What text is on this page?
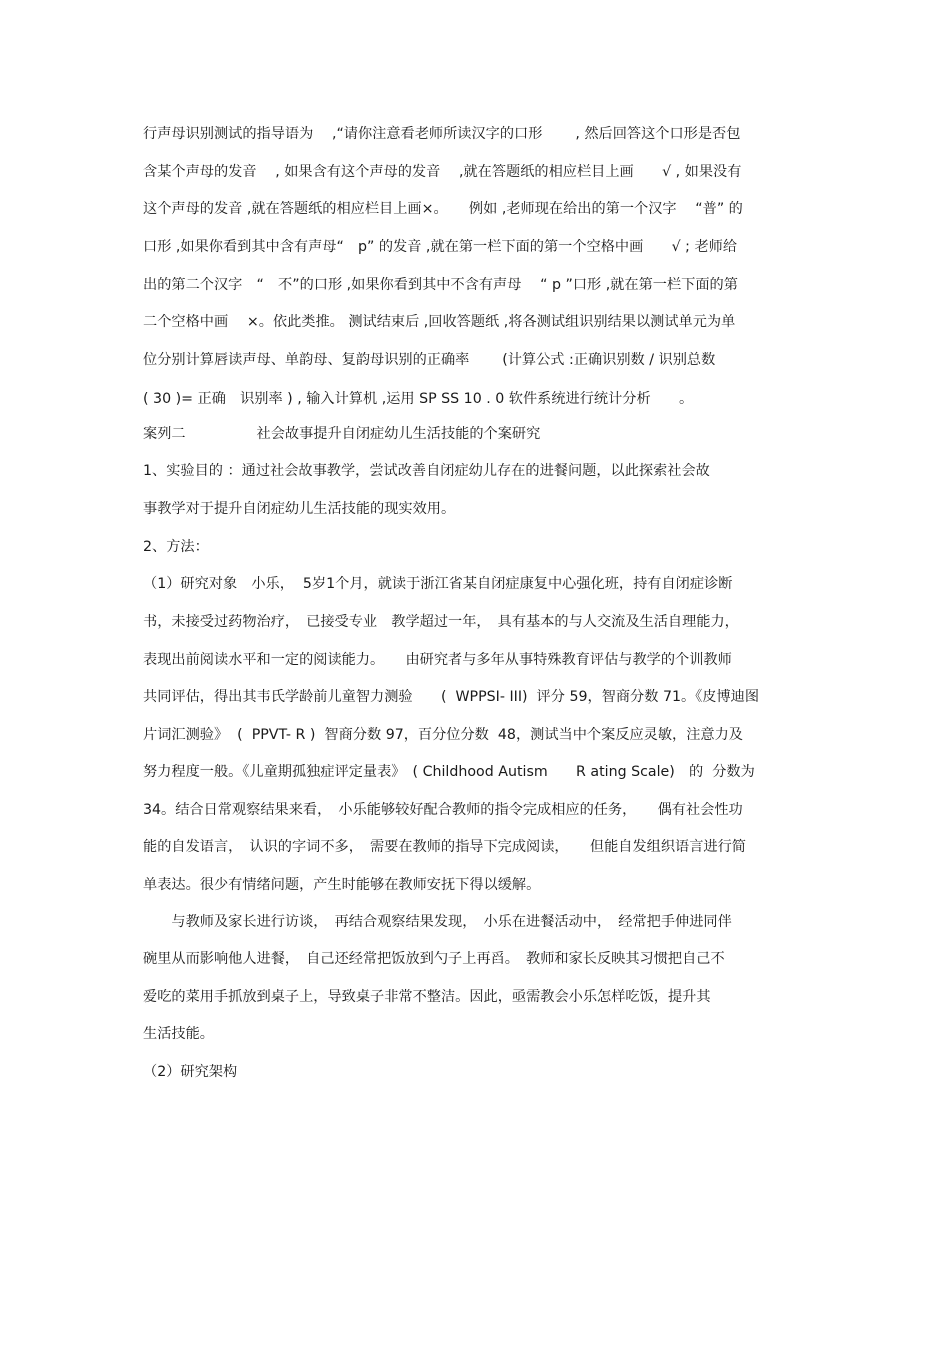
行声母识别测试的指导语为　 ,“请你注意看老师所读汉字的口形　　 , 然后回答这个口形是否包
含某个声母的发音　 , 如果含有这个声母的发音　 ,就在答题纸的相应栏目上画　　√ , 如果没有
这个声母的发音 ,就在答题纸的相应栏目上画×。　　例如 ,老师现在给出的第一个汉字　 “普” 的
口形 ,如果你看到其中含有声母“　p” 的发音 ,就在第一栏下面的第一个空格中画　　√ ; 老师给
出的第二个汉字　“　不”的口形 ,如果你看到其中不含有声母　 “ p ”口形 ,就在第一栏下面的第
二个空格中画　 ×。依此类推。 测试结束后 ,回收答题纸 ,将各测试组识别结果以测试单元为单
位分别计算唇读声母、单韵母、复韵母识别的正确率　　 (计算公式 :正确识别数 / 识别总数
( 30 )= 正确　识别率 ) , 输入计算机 ,运用 SP SS 10 . 0 软件系统进行统计分析　　。
案列二　　　　　社会故事提升自闭症幼儿生活技能的个案研究
1、实验目的 ：通过社会故事教学，尝试改善自闭症幼儿存在的进餐问题，以此探索社会故
事教学对于提升自闭症幼儿生活技能的现实效用。
2、方法：
（1）研究对象　小乐，  5岁1个月，就读于浙江省某自闭症康复中心强化班，持有自闭症诊断
书，未接受过药物治疗，　已接受专业　教学超过一年，　具有基本的与人交流及生活自理能力，
表现出前阅读水平和一定的阅读能力。　　由研究者与多年从事特殊教育评估与教学的个训教师
共同评估，得出其韦氏学龄前儿童智力测验　　(  WPPSI- III)  评分 59，智商分数 71。《皮博迪图
片词汇测验》  (  PPVT- R )  智商分数 97，百分位分数  48，测试当中个案反应灵敏，注意力及
努力程度一般。《儿童期孤独症评定量表》　( Childhood Autism　　R ating Scale)　的  分数为
34。结合日常观察结果来看，　小乐能够较好配合教师的指令完成相应的任务，　　偶有社会性功
能的自发语言，　认识的字词不多，　需要在教师的指导下完成阅读，　　但能自发组织语言进行简
单表达。很少有情绪问题，产生时能够在教师安抚下得以缓解。
　　与教师及家长进行访谈，　再结合观察结果发现，　小乐在进餐活动中，　经常把手伸进同伴
碗里从而影响他人进餐，　自己还经常把饭放到勺子上再舀。　教师和家长反映其习惯把自己不
爱吃的菜用手抓放到桌子上，导致桌子非常不整洁。因此，亟需教会小乐怎样吃饭，提升其
生活技能。
（2）研究架构
